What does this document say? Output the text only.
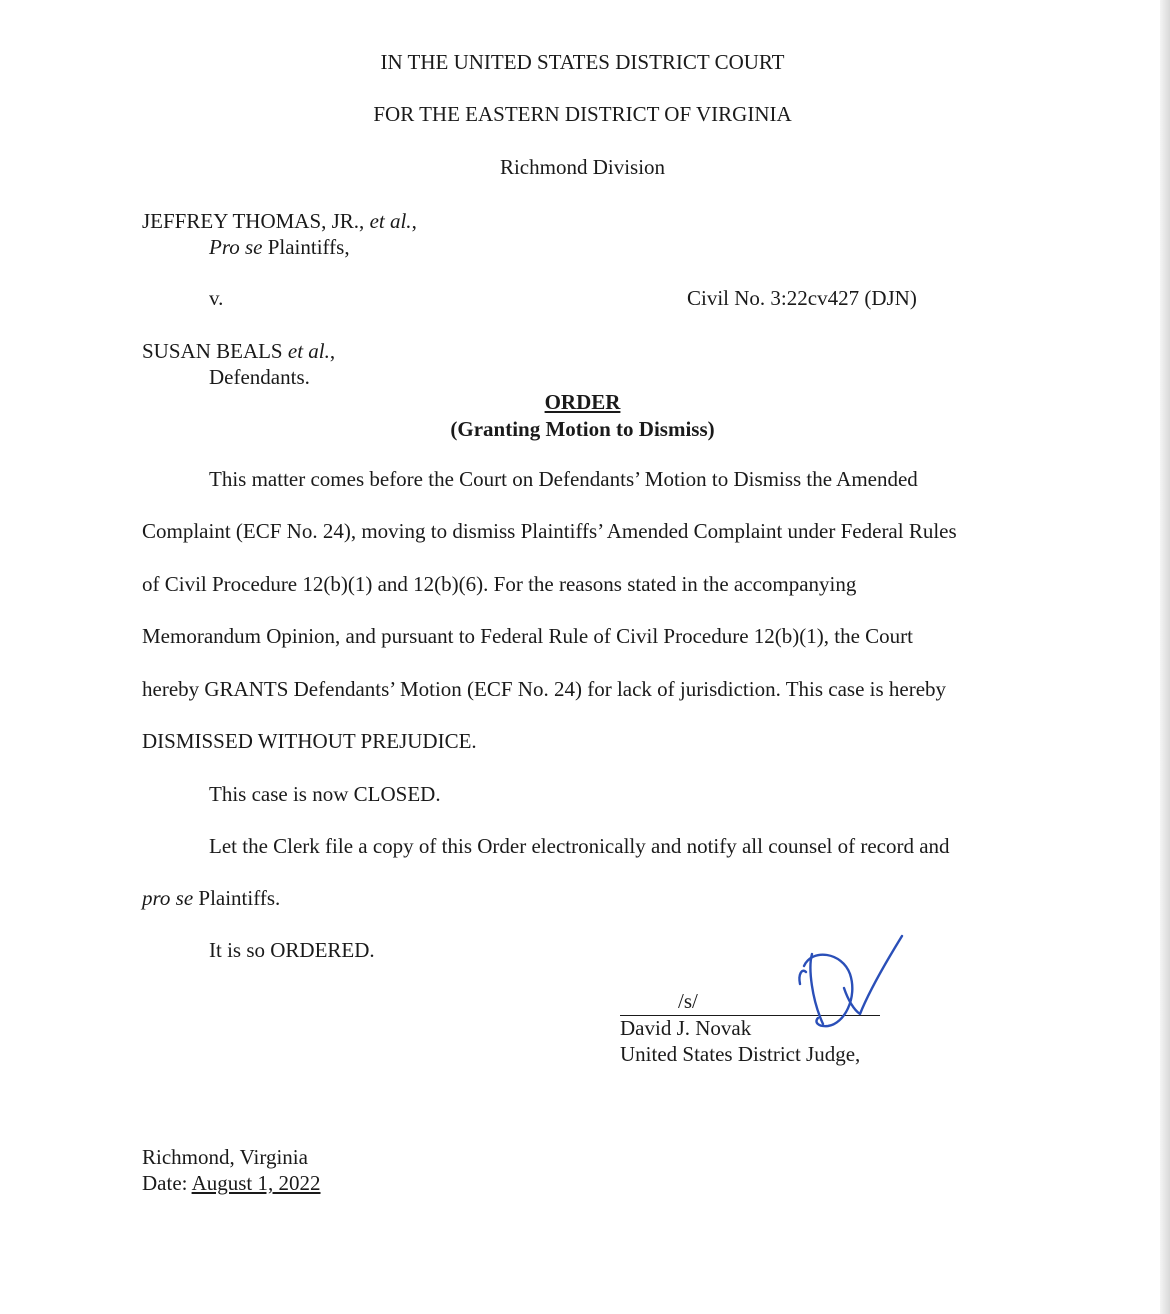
IN THE UNITED STATES DISTRICT COURT
FOR THE EASTERN DISTRICT OF VIRGINIA
Richmond Division
JEFFREY THOMAS, JR., et al.,
Pro se Plaintiffs,
v.	Civil No. 3:22cv427 (DJN)
SUSAN BEALS et al.,
Defendants.
ORDER
(Granting Motion to Dismiss)
This matter comes before the Court on Defendants’ Motion to Dismiss the Amended
Complaint (ECF No. 24), moving to dismiss Plaintiffs’ Amended Complaint under Federal Rules
of Civil Procedure 12(b)(1) and 12(b)(6). For the reasons stated in the accompanying
Memorandum Opinion, and pursuant to Federal Rule of Civil Procedure 12(b)(1), the Court
hereby GRANTS Defendants’ Motion (ECF No. 24) for lack of jurisdiction. This case is hereby
DISMISSED WITHOUT PREJUDICE.
This case is now CLOSED.
Let the Clerk file a copy of this Order electronically and notify all counsel of record and
pro se Plaintiffs.
It is so ORDERED.
/s/
David J. Novak
United States District Judge,
Richmond, Virginia
Date: August 1, 2022
